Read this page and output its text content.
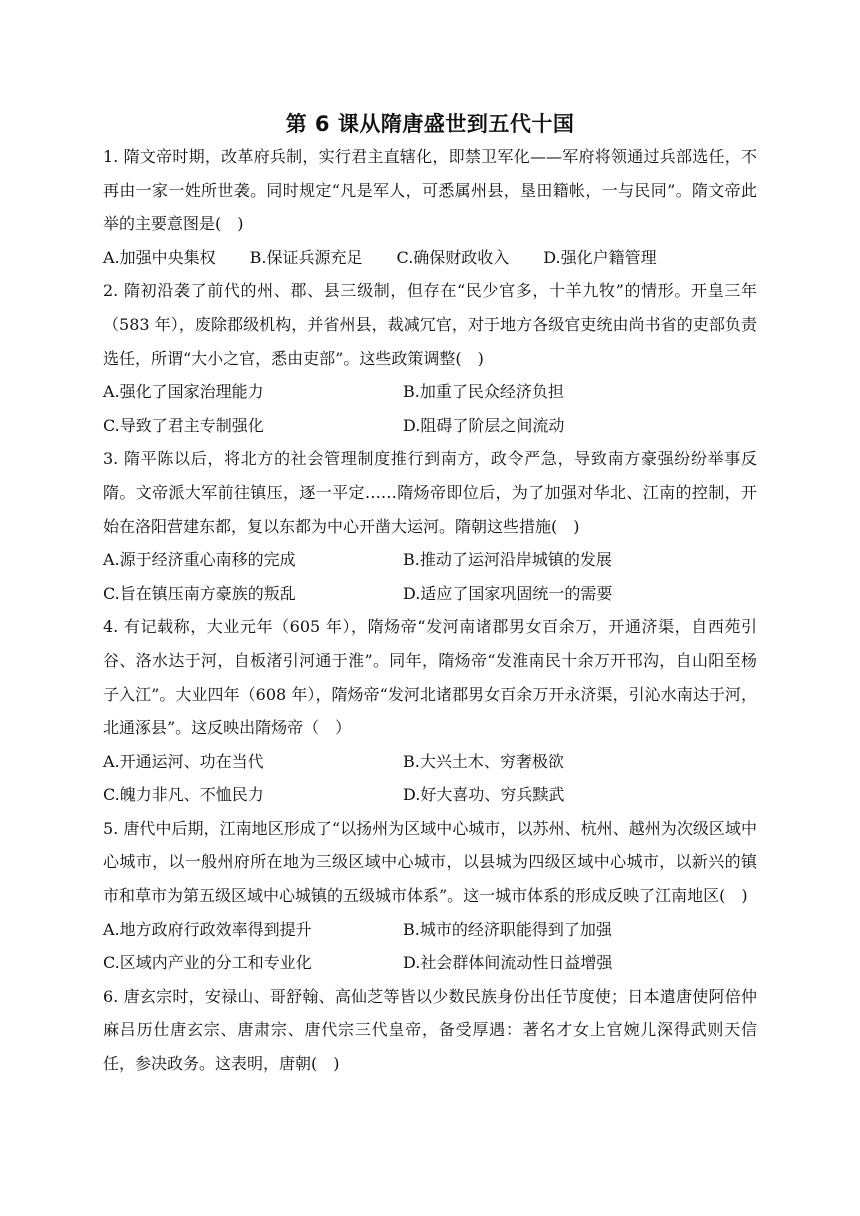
第 6 课从隋唐盛世到五代十国

1. 隋文帝时期，改革府兵制，实行君主直辖化，即禁卫军化——军府将领通过兵部选任，不再由一家一姓所世袭。同时规定“凡是军人，可悉属州县，垦田籍帐，一与民同”。隋文帝此举的主要意图是(　)

A.加强中央集权 B.保证兵源充足 C.确保财政收入 D.强化户籍管理

2. 隋初沿袭了前代的州、郡、县三级制，但存在“民少官多，十羊九牧”的情形。开皇三年（583 年），废除郡级机构，并省州县，裁减冗官，对于地方各级官吏统由尚书省的吏部负责选任，所谓“大小之官，悉由吏部”。这些政策调整(　)

A.强化了国家治理能力	B.加重了民众经济负担
C.导致了君主专制强化	D.阻碍了阶层之间流动

3. 隋平陈以后，将北方的社会管理制度推行到南方，政令严急，导致南方豪强纷纷举事反隋。文帝派大军前往镇压，逐一平定……隋炀帝即位后，为了加强对华北、江南的控制，开始在洛阳营建东都，复以东都为中心开凿大运河。隋朝这些措施(　)

A.源于经济重心南移的完成	B.推动了运河沿岸城镇的发展
C.旨在镇压南方豪族的叛乱	D.适应了国家巩固统一的需要

4. 有记载称，大业元年（605 年），隋炀帝“发河南诸郡男女百余万，开通济渠，自西苑引谷、洛水达于河，自板渚引河通于淮”。同年，隋炀帝“发淮南民十余万开邗沟，自山阳至杨子入江”。大业四年（608 年），隋炀帝“发河北诸郡男女百余万开永济渠，引沁水南达于河，北通涿县”。这反映出隋炀帝（　）

A.开通运河、功在当代	B.大兴土木、穷奢极欲
C.魄力非凡、不恤民力	D.好大喜功、穷兵黩武

5. 唐代中后期，江南地区形成了“以扬州为区域中心城市，以苏州、杭州、越州为次级区域中心城市，以一般州府所在地为三级区域中心城市，以县城为四级区域中心城市，以新兴的镇市和草市为第五级区域中心城镇的五级城市体系”。这一城市体系的形成反映了江南地区(　)

A.地方政府行政效率得到提升	B.城市的经济职能得到了加强
C.区域内产业的分工和专业化	D.社会群体间流动性日益增强

6. 唐玄宗时，安禄山、哥舒翰、高仙芝等皆以少数民族身份出任节度使；日本遣唐使阿倍仲麻吕历仕唐玄宗、唐肃宗、唐代宗三代皇帝，备受厚遇：著名才女上官婉儿深得武则天信任，参决政务。这表明，唐朝(　)
